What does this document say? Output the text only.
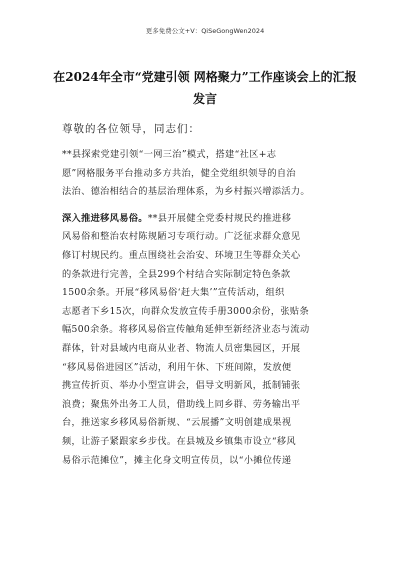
更多免费公文+V：QiSeGongWen2024
在2024年全市“党建引领 网格聚力”工作座谈会上的汇报
发言
尊敬的各位领导，同志们：
**县探索党建引领“一网三治”模式，搭建“社区+志
愿”网格服务平台推动多方共治，健全党组织领导的自治
法治、德治相结合的基层治理体系，为乡村振兴增添活力。
深入推进移风易俗。**县开展健全党委村规民约推进移
风易俗和整治农村陈规陋习专项行动。广泛征求群众意见
修订村规民约。重点围绕社会治安、环境卫生等群众关心
的条款进行完善，全县299个村结合实际制定特色条款
1500余条。开展“移风易俗‘赶大集’”宣传活动，组织
志愿者下乡15次，向群众发放宣传手册3000余份，张贴条
幅500余条。将移风易俗宣传触角延伸至新经济业态与流动
群体，针对县域内电商从业者、物流人员密集园区，开展
“移风易俗进园区”活动，利用午休、下班间隙，发放便
携宣传折页、举办小型宣讲会，倡导文明新风，抵制铺张
浪费；聚焦外出务工人员，借助线上同乡群、劳务输出平
台，推送家乡移风易俗新规、“云展播”文明创建成果视
频，让游子紧跟家乡步伐。在县城及乡镇集市设立“移风
易俗示范摊位”，摊主化身文明宣传员，以“小摊位传递
